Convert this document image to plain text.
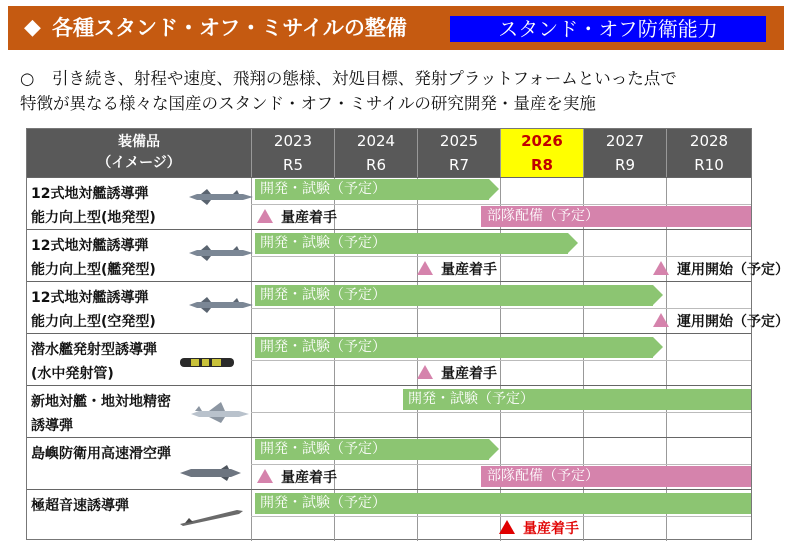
◆ 各種スタンド・オフ・ミサイルの整備	スタンド・オフ防衛能力
○	引き続き、射程や速度、飛翔の態様、対処目標、発射プラットフォームといった点で
特徴が異なる様々な国産のスタンド・オフ・ミサイルの研究開発・量産を実施
装備品
（イメージ）
2023	2024	2025	2026	2027	2028
R5	R6	R7	R8	R9	R10
12式地対艦誘導弾
能力向上型(地発型)
開発・試験（予定）
量産着手	部隊配備（予定）
12式地対艦誘導弾
能力向上型(艦発型)
開発・試験（予定）
量産着手	運用開始（予定）
12式地対艦誘導弾
能力向上型(空発型)
開発・試験（予定）
運用開始（予定）
潜水艦発射型誘導弾
(水中発射管)
開発・試験（予定）
量産着手
新地対艦・地対地精密
誘導弾
開発・試験（予定）
島嶼防衛用高速滑空弾	開発・試験（予定）
量産着手	部隊配備（予定）
極超音速誘導弾	開発・試験（予定）
量産着手
